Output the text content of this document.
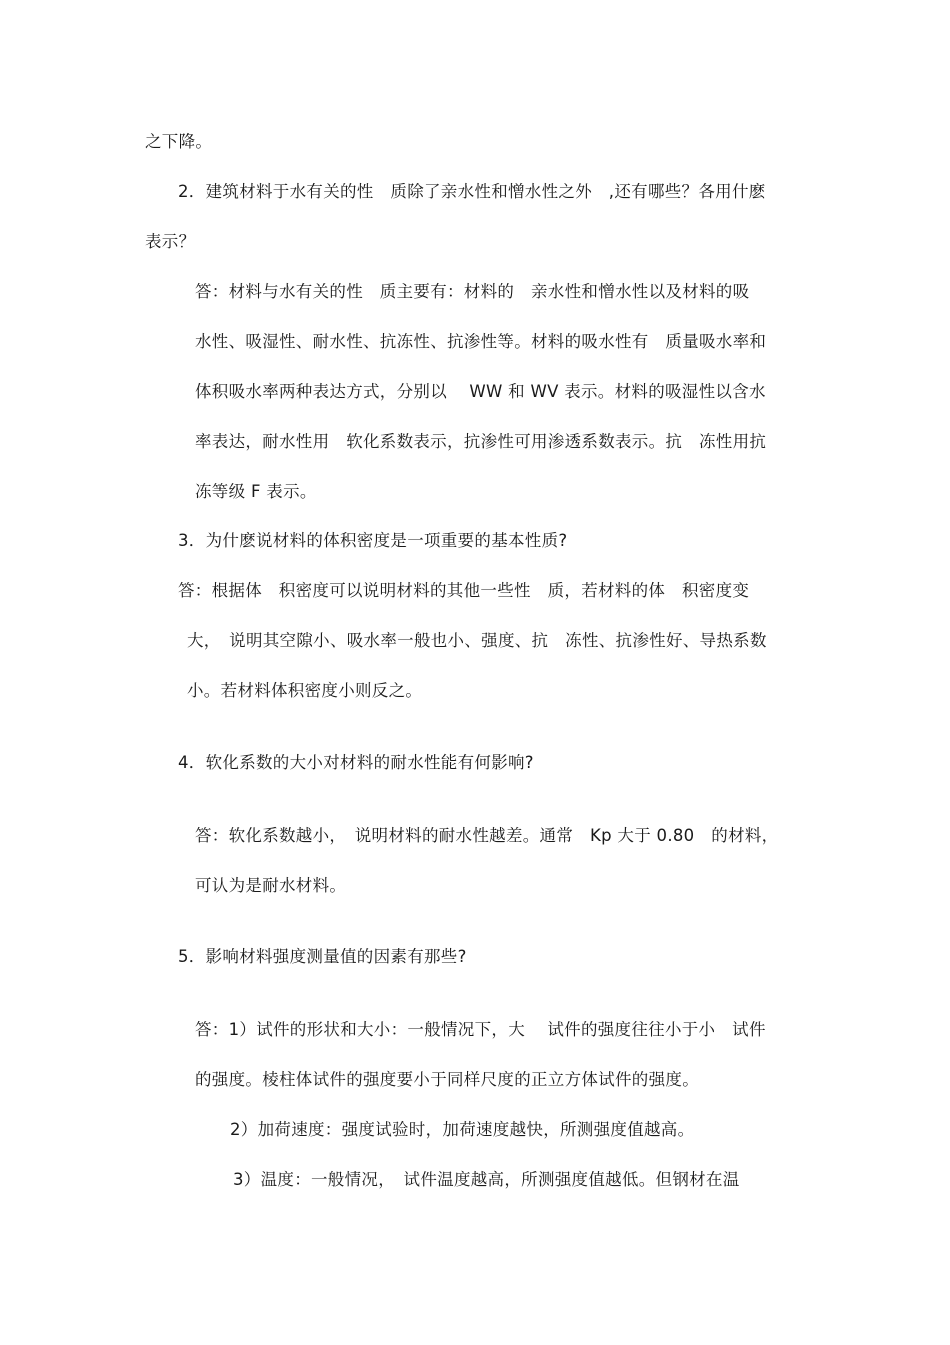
之下降。
2．建筑材料于水有关的性　质除了亲水性和憎水性之外　,还有哪些？各用什麽
表示？
答：材料与水有关的性　质主要有：材料的　亲水性和憎水性以及材料的吸
水性、吸湿性、耐水性、抗冻性、抗渗性等。材料的吸水性有　质量吸水率和
体积吸水率两种表达方式，分别以　 WW 和 WV 表示。材料的吸湿性以含水
率表达，耐水性用　软化系数表示，抗渗性可用渗透系数表示。抗　冻性用抗
冻等级 F 表示。
3．为什麽说材料的体积密度是一项重要的基本性质?
答：根据体　积密度可以说明材料的其他一些性　质，若材料的体　积密度变
大，　说明其空隙小、吸水率一般也小、强度、抗　冻性、抗渗性好、导热系数
小。若材料体积密度小则反之。
4．软化系数的大小对材料的耐水性能有何影响?
答：软化系数越小，　说明材料的耐水性越差。通常　Kp 大于 0.80　的材料，
可认为是耐水材料。
5．影响材料强度测量值的因素有那些?
答：1）试件的形状和大小：一般情况下，大　 试件的强度往往小于小　试件
的强度。棱柱体试件的强度要小于同样尺度的正立方体试件的强度。
2）加荷速度：强度试验时，加荷速度越快，所测强度值越高。
3）温度：一般情况，　试件温度越高，所测强度值越低。但钢材在温
